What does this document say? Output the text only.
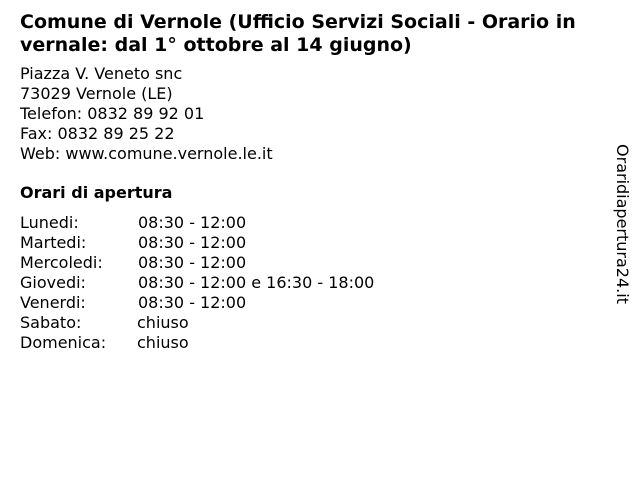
Comune di Vernole (Ufficio Servizi Sociali - Orario in vernale: dal 1° ottobre al 14 giugno)
Piazza V. Veneto snc
73029 Vernole (LE)
Telefon: 0832 89 92 01
Fax: 0832 89 25 22
Web: www.comune.vernole.le.it
Orari di apertura
Lunedi:	08:30 - 12:00
Martedi:	08:30 - 12:00
Mercoledi: 08:30 - 12:00
Giovedi:	08:30 - 12:00 e 16:30 - 18:00
Venerdi:	08:30 - 12:00
Sabato:	chiuso
Domenica: chiuso
Oraridiapertura24.it
